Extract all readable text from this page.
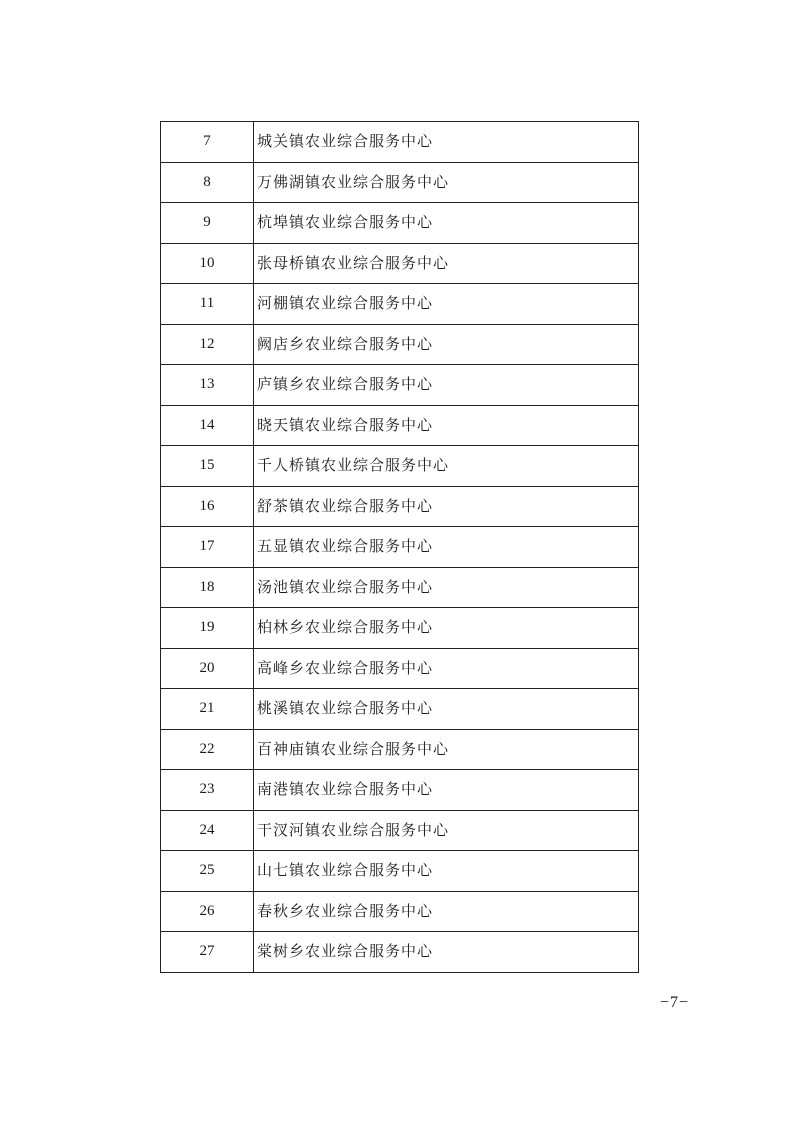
7	城关镇农业综合服务中心
8	万佛湖镇农业综合服务中心
9	杭埠镇农业综合服务中心
10	张母桥镇农业综合服务中心
11	河棚镇农业综合服务中心
12	阙店乡农业综合服务中心
13	庐镇乡农业综合服务中心
14	晓天镇农业综合服务中心
15	千人桥镇农业综合服务中心
16	舒茶镇农业综合服务中心
17	五显镇农业综合服务中心
18	汤池镇农业综合服务中心
19	柏林乡农业综合服务中心
20	高峰乡农业综合服务中心
21	桃溪镇农业综合服务中心
22	百神庙镇农业综合服务中心
23	南港镇农业综合服务中心
24	干汊河镇农业综合服务中心
25	山七镇农业综合服务中心
26	春秋乡农业综合服务中心
27	棠树乡农业综合服务中心
−7−
